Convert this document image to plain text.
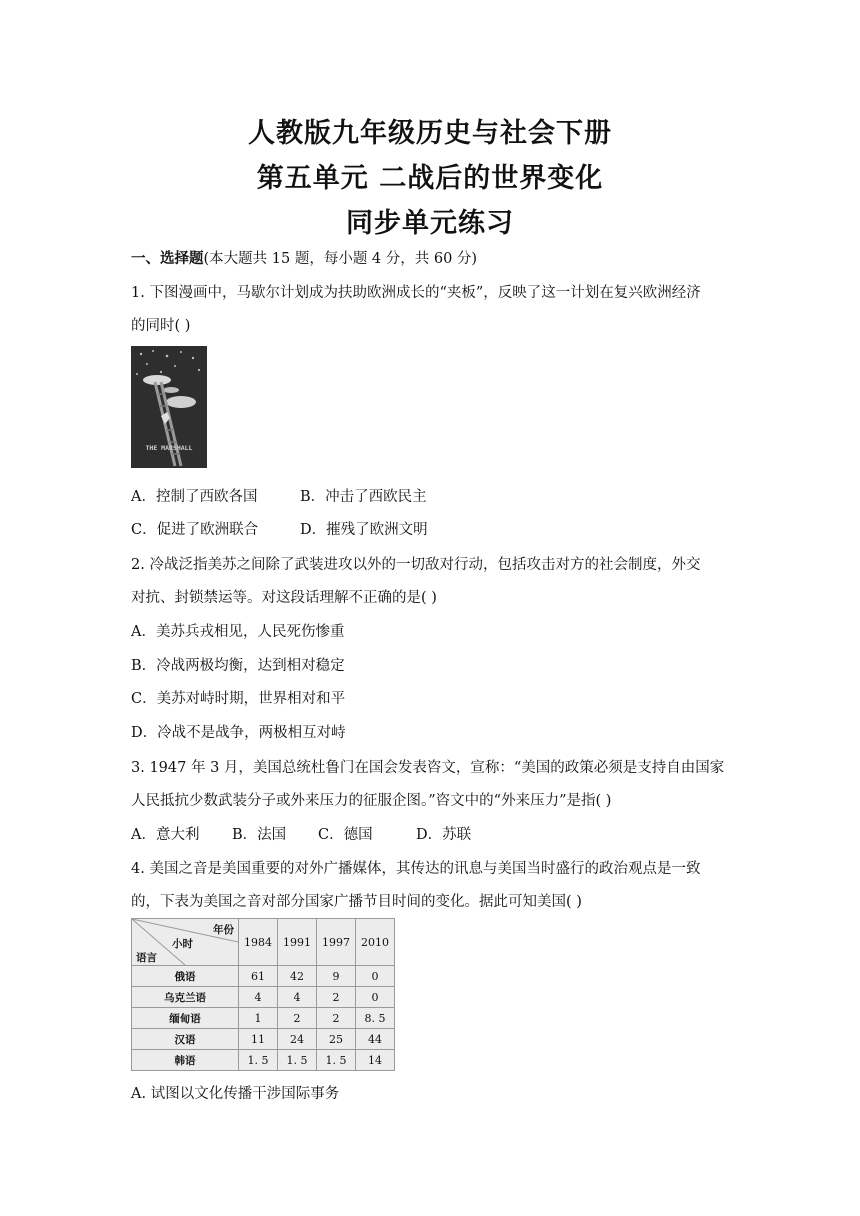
人教版九年级历史与社会下册
第五单元 二战后的世界变化
同步单元练习
一、选择题(本大题共 15 题，每小题 4 分，共 60 分)
1. 下图漫画中，马歇尔计划成为扶助欧洲成长的“夹板”，反映了这一计划在复兴欧洲经济
的同时( )
THE MARSHALL
A．控制了西欧各国	B．冲击了西欧民主
C．促进了欧洲联合	D．摧残了欧洲文明
2. 冷战泛指美苏之间除了武装进攻以外的一切敌对行动，包括攻击对方的社会制度，外交
对抗、封锁禁运等。对这段话理解不正确的是( )
A．美苏兵戎相见，人民死伤惨重
B．冷战两极均衡，达到相对稳定
C．美苏对峙时期，世界相对和平
D．冷战不是战争，两极相互对峙
3. 1947 年 3 月，美国总统杜鲁门在国会发表咨文，宣称：“美国的政策必须是支持自由国家
人民抵抗少数武装分子或外来压力的征服企图。”咨文中的“外来压力”是指( )
A．意大利 B．法国 C．德国	D．苏联
4. 美国之音是美国重要的对外广播媒体，其传达的讯息与美国当时盛行的政治观点是一致
的，下表为美国之音对部分国家广播节目时间的变化。据此可知美国( )
年份
小时
语言	1984	1991	1997	2010
俄语	61	42	9	0
乌克兰语	4	4	2	0
缅甸语	1	2	2	8. 5
汉语	11	24	25	44
韩语	1. 5	1. 5	1. 5	14
A. 试图以文化传播干涉国际事务
